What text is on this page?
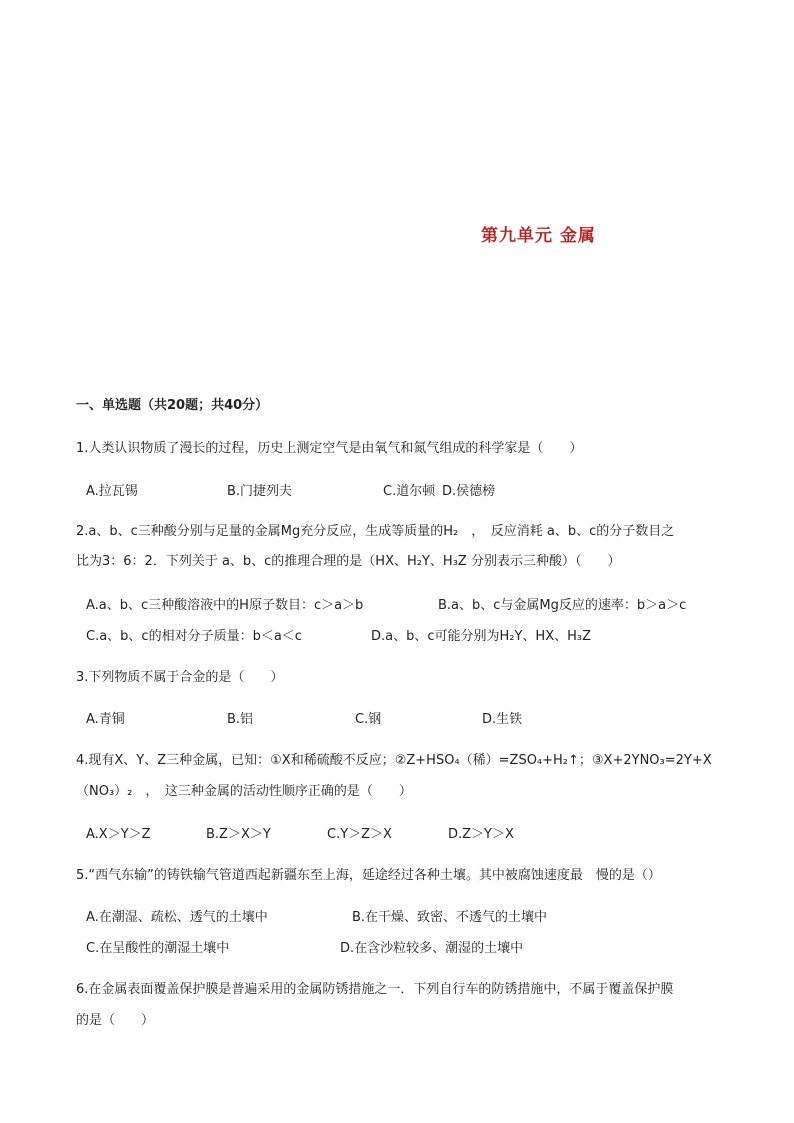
第九单元 金属
一、单选题（共20题；共40分）
1.人类认识物质了漫长的过程，历史上测定空气是由氧气和氮气组成的科学家是（　　）
A.拉瓦锡	B.门捷列夫	C.道尔顿 D.侯德榜
2.a、b、c三种酸分别与足量的金属Mg充分反应，生成等质量的H₂　，　反应消耗 a、b、c的分子数目之
比为3：6：2．下列关于 a、b、c的推理合理的是（HX、H₂Y、H₃Z 分别表示三种酸）（　　）
A.a、b、c三种酸溶液中的H原子数目：c＞a＞b	B.a、b、c与金属Mg反应的速率：b＞a＞c
C.a、b、c的相对分子质量：b＜a＜c	D.a、b、c可能分别为H₂Y、HX、H₃Z
3.下列物质不属于合金的是（　　）
A.青铜	B.铝	C.钢	D.生铁
4.现有X、Y、Z三种金属，已知：①X和稀硫酸不反应；②Z+HSO₄（稀）=ZSO₄+H₂↑；③X+2YNO₃=2Y+X
（NO₃）₂　，　这三种金属的活动性顺序正确的是（　　）
A.X＞Y＞Z	B.Z＞X＞Y	C.Y＞Z＞X	D.Z＞Y＞X
5.“西气东输”的铸铁输气管道西起新疆东至上海，延途经过各种土壤。其中被腐蚀速度最　慢的是（）
A.在潮湿、疏松、透气的土壤中	B.在干燥、致密、不透气的土壤中
C.在呈酸性的潮湿土壤中	D.在含沙粒较多、潮湿的土壤中
6.在金属表面覆盖保护膜是普遍采用的金属防锈措施之一．下列自行车的防锈措施中，不属于覆盖保护膜
的是（　　）
